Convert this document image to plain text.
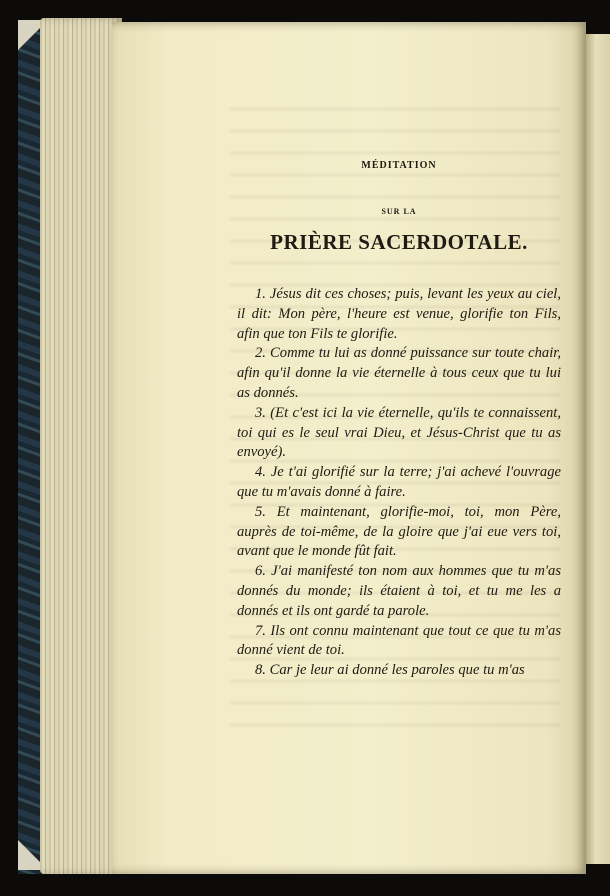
MÉDITATION

SUR LA

PRIÈRE SACERDOTALE.

1. Jésus dit ces choses; puis, levant les yeux au ciel, il dit: Mon père, l'heure est venue, glorifie ton Fils, afin que ton Fils te glorifie.

2. Comme tu lui as donné puissance sur toute chair, afin qu'il donne la vie éternelle à tous ceux que tu lui as donnés.

3. (Et c'est ici la vie éternelle, qu'ils te connaissent, toi qui es le seul vrai Dieu, et Jésus-Christ que tu as envoyé).

4. Je t'ai glorifié sur la terre; j'ai achevé l'ouvrage que tu m'avais donné à faire.

5. Et maintenant, glorifie-moi, toi, mon Père, auprès de toi-même, de la gloire que j'ai eue vers toi, avant que le monde fût fait.

6. J'ai manifesté ton nom aux hommes que tu m'as donnés du monde; ils étaient à toi, et tu me les a donnés et ils ont gardé ta parole.

7. Ils ont connu maintenant que tout ce que tu m'as donné vient de toi.

8. Car je leur ai donné les paroles que tu m'as
